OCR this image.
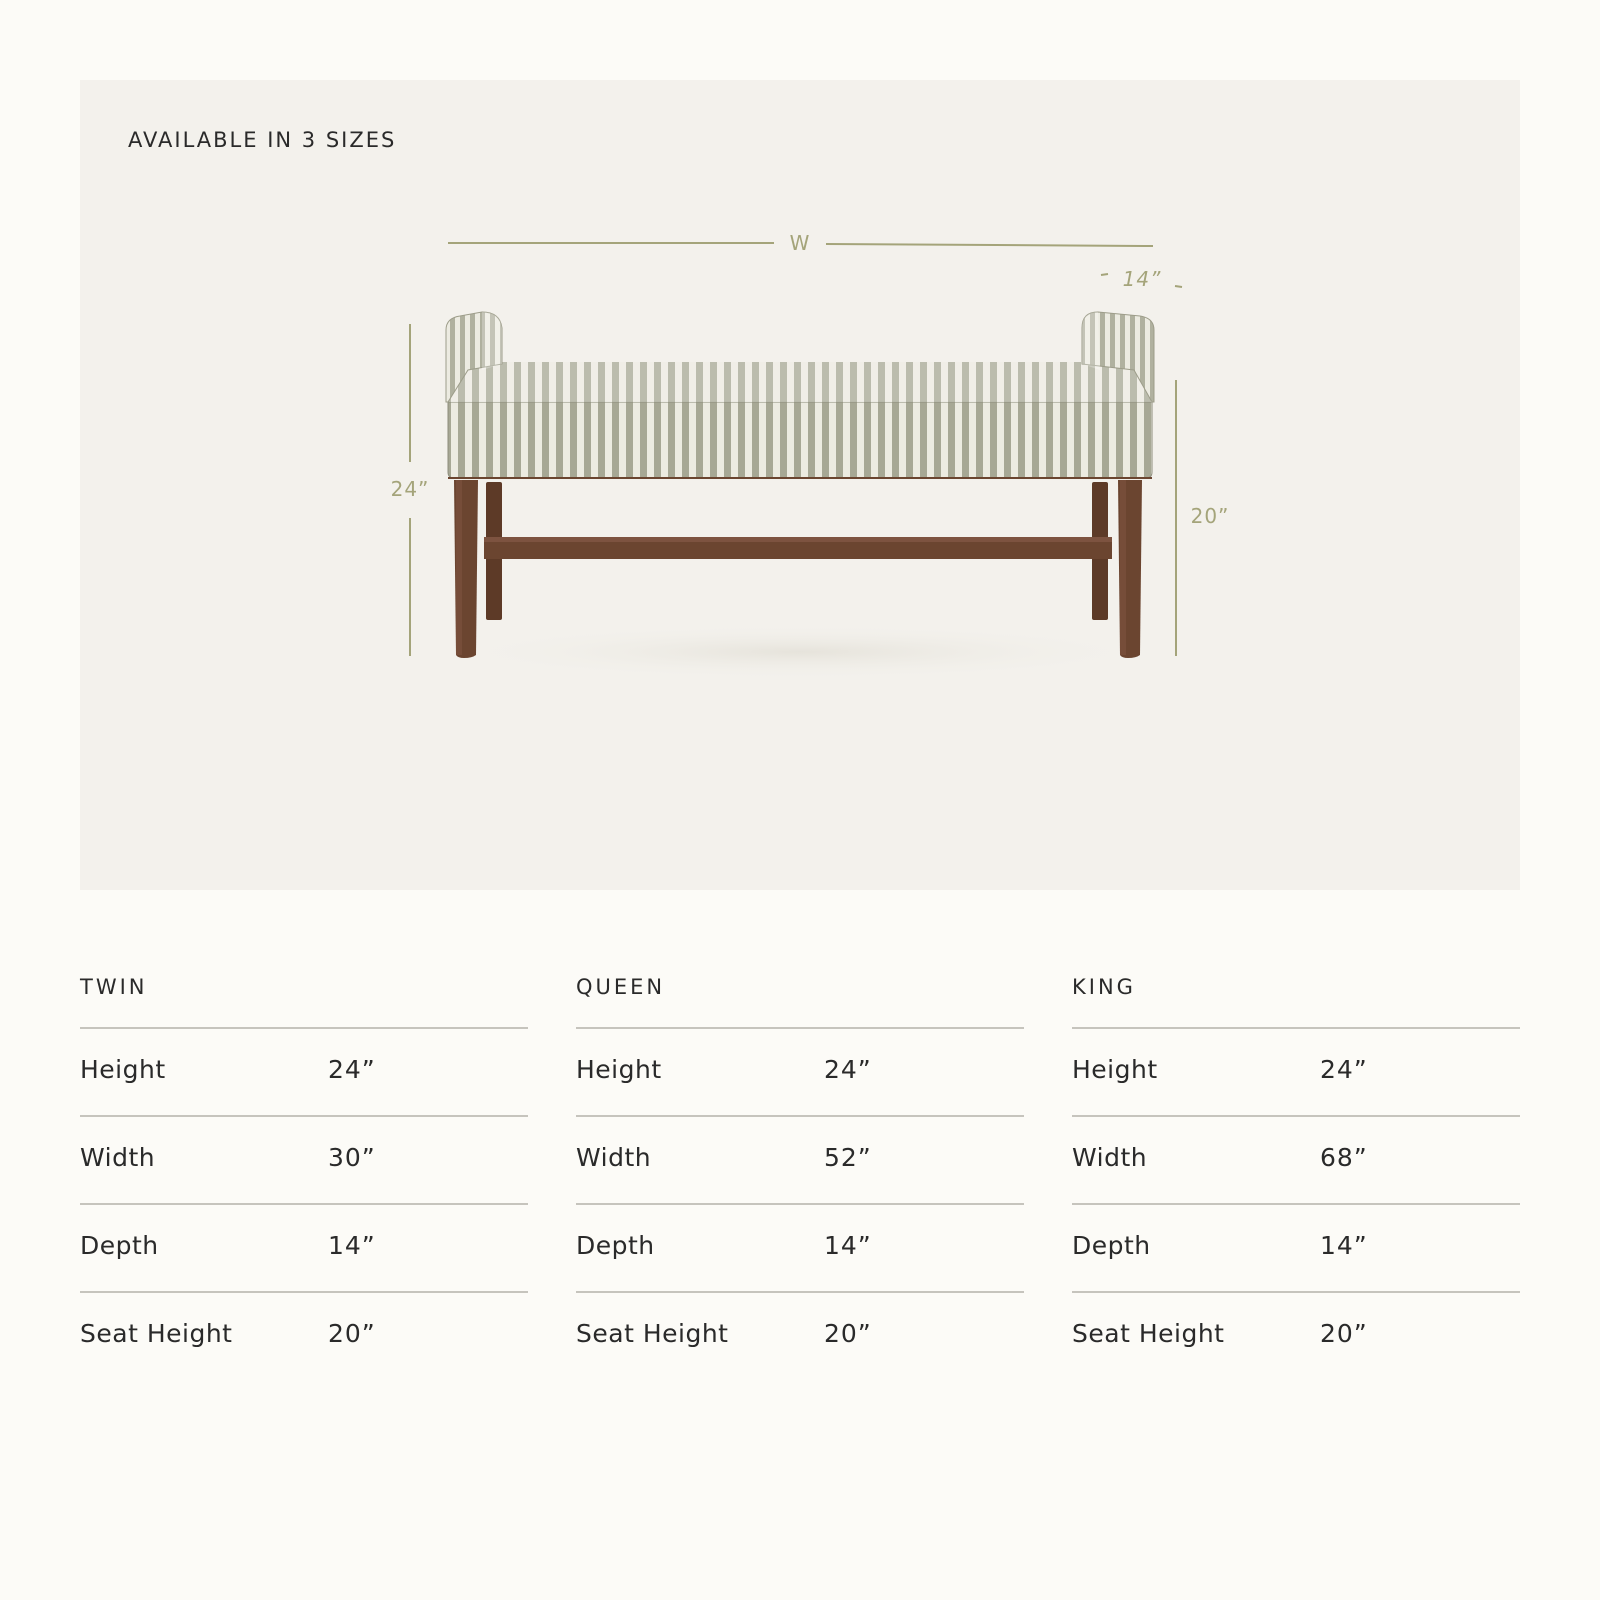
AVAILABLE IN 3 SIZES
W
14”
24”
20”
TWIN
Height	24”
Width	30”
Depth	14”
Seat Height	20”
QUEEN
Height	24”
Width	52”
Depth	14”
Seat Height	20”
KING
Height	24”
Width	68”
Depth	14”
Seat Height	20”
